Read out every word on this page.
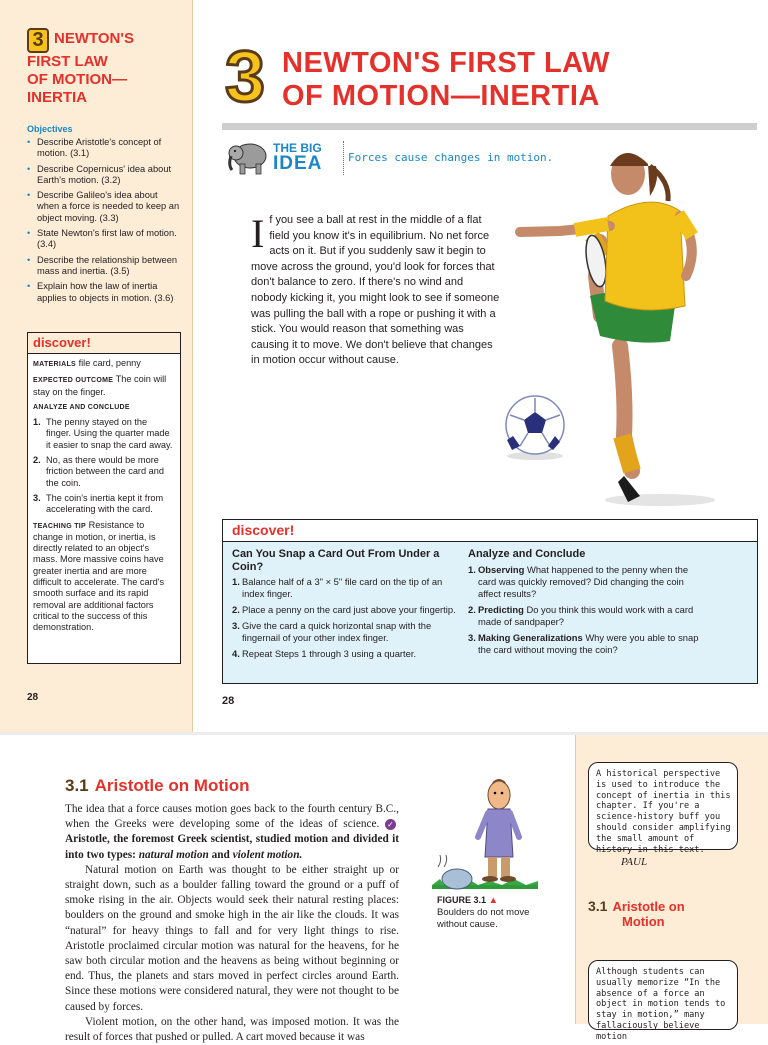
3 NEWTON'S
FIRST LAW
OF MOTION—
INERTIA
Objectives
• Describe Aristotle's concept of motion. (3.1)
• Describe Copernicus' idea about Earth's motion. (3.2)
• Describe Galileo's idea about when a force is needed to keep an object moving. (3.3)
• State Newton's first law of motion. (3.4)
• Describe the relationship between mass and inertia. (3.5)
• Explain how the law of inertia applies to objects in motion. (3.6)
discover!

MATERIALS file card, penny

EXPECTED OUTCOME The coin will stay on the finger.

ANALYZE AND CONCLUDE

1. The penny stayed on the finger. Using the quarter made it easier to snap the card away.
2. No, as there would be more friction between the card and the coin.
3. The coin's inertia kept it from accelerating with the card.

TEACHING TIP Resistance to change in motion, or inertia, is directly related to an object's mass. More massive coins have greater inertia and are more difficult to accelerate. The card's smooth surface and its rapid removal are additional factors critical to the success of this demonstration.

28
3 NEWTON'S FIRST LAW
OF MOTION—INERTIA
THE BIG
IDEA Forces cause changes in motion.
If you see a ball at rest in the middle of a flat field you know it's in equilibrium. No net force acts on it. But if you suddenly saw it begin to move across the ground, you'd look for forces that don't balance to zero. If there's no wind and nobody kicking it, you might look to see if someone was pulling the ball with a rope or pushing it with a stick. You would reason that something was causing it to move. We don't believe that changes in motion occur without cause.
discover!
Can You Snap a Card Out From Under a Coin?
1. Balance half of a 3" × 5" file card on the tip of an index finger.
2. Place a penny on the card just above your fingertip.
3. Give the card a quick horizontal snap with the fingernail of your other index finger.
4. Repeat Steps 1 through 3 using a quarter.
Analyze and Conclude
1. Observing What happened to the penny when the card was quickly removed? Did changing the coin affect results?
2. Predicting Do you think this would work with a card made of sandpaper?
3. Making Generalizations Why were you able to snap the card without moving the coin?
28
3.1 Aristotle on Motion

The idea that a force causes motion goes back to the fourth century B.C., when the Greeks were developing some of the ideas of science. ✓Aristotle, the foremost Greek scientist, studied motion and divided it into two types: natural motion and violent motion.

Natural motion on Earth was thought to be either straight up or straight down, such as a boulder falling toward the ground or a puff of smoke rising in the air. Objects would seek their natural resting places: boulders on the ground and smoke high in the air like the clouds. It was “natural” for heavy things to fall and for very light things to rise. Aristotle proclaimed circular motion was natural for the heavens, for he saw both circular motion and the heavens as being without beginning or end. Thus, the planets and stars moved in perfect circles around Earth. Since these motions were considered natural, they were not thought to be caused by forces.

Violent motion, on the other hand, was imposed motion. It was the result of forces that pushed or pulled. A cart moved because it was

FIGURE 3.1 ▲
Boulders do not move without cause.
A historical perspective is used to introduce the concept of inertia in this chapter. If you're a science-history buff you should consider amplifying the small amount of history in this text.
PAUL
3.1 Aristotle on
Motion
Although students can usually memorize “In the absence of a force an object in motion tends to stay in motion,” many fallaciously believe motion
